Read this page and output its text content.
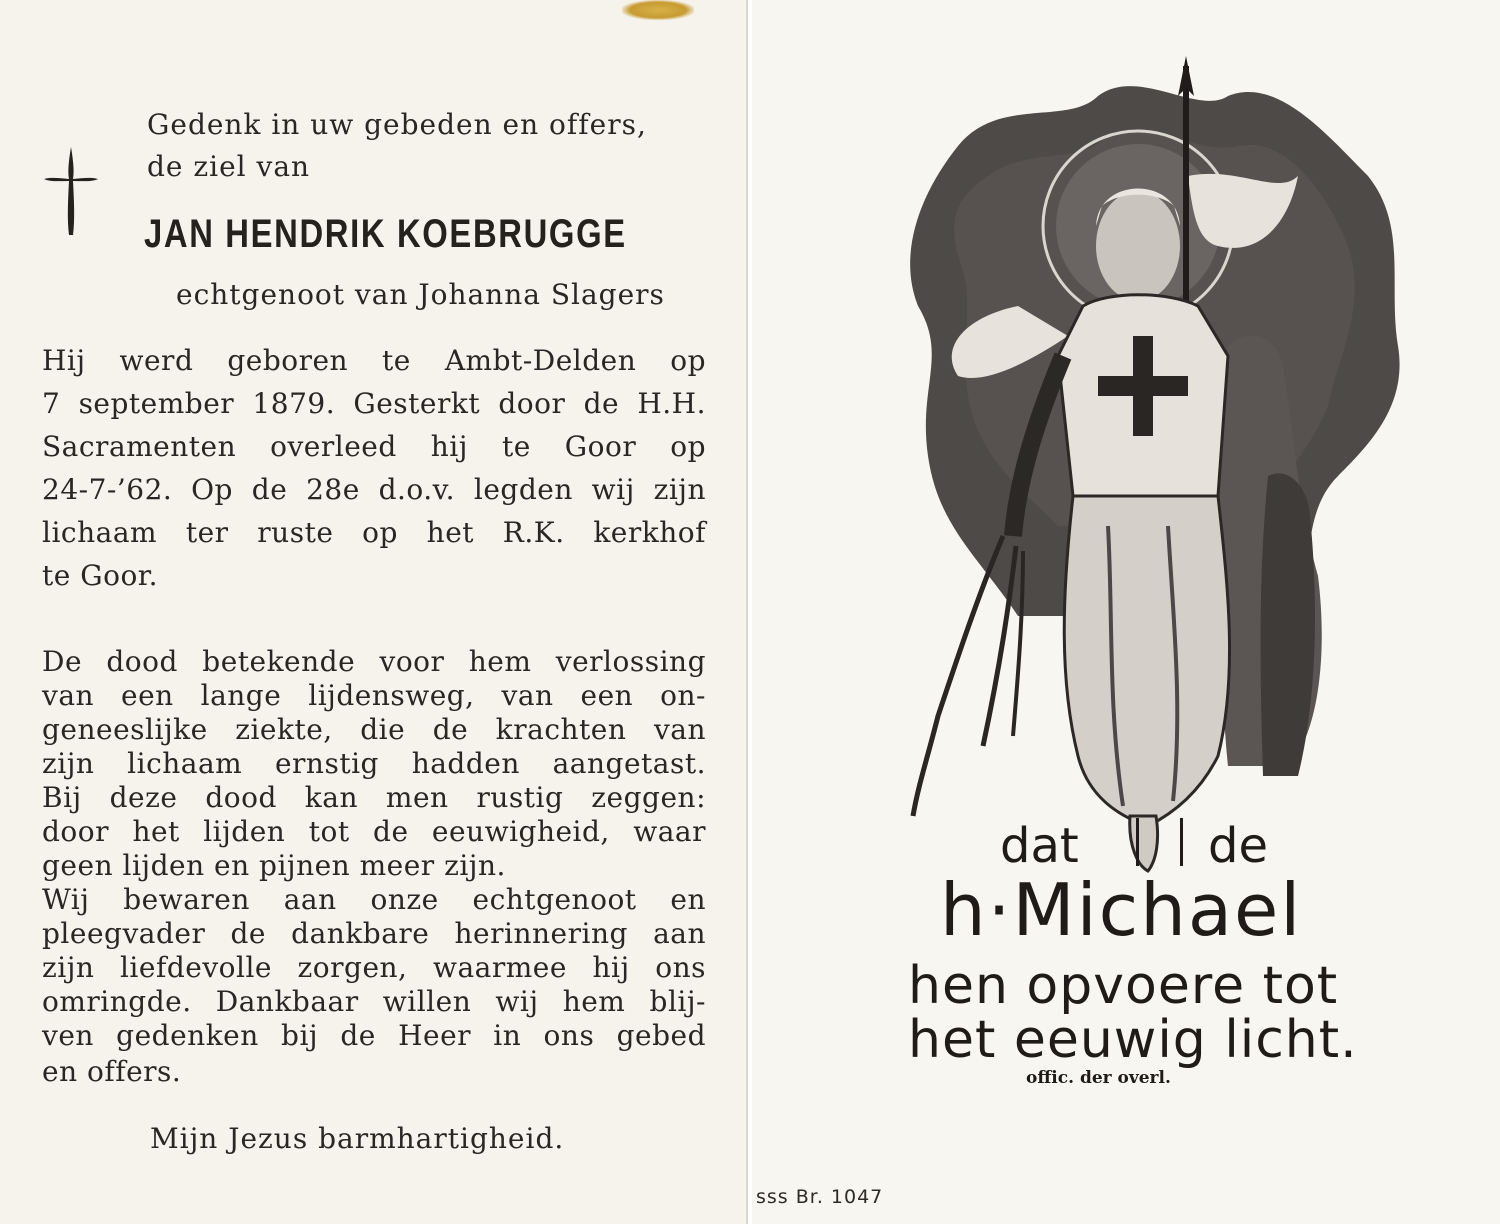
Gedenk in uw gebeden en offers,
de ziel van
JAN HENDRIK KOEBRUGGE
echtgenoot van Johanna Slagers
Hij werd geboren te Ambt-Delden op
7 september 1879. Gesterkt door de H.H.
Sacramenten overleed hij te Goor op
24-7-’62. Op de 28e d.o.v. legden wij zijn
lichaam ter ruste op het R.K. kerkhof
te Goor.
De dood betekende voor hem verlossing
van een lange lijdensweg, van een on-
geneeslijke ziekte, die de krachten van
zijn lichaam ernstig hadden aangetast.
Bij deze dood kan men rustig zeggen:
door het lijden tot de eeuwigheid, waar
geen lijden en pijnen meer zijn.
Wij bewaren aan onze echtgenoot en
pleegvader de dankbare herinnering aan
zijn liefdevolle zorgen, waarmee hij ons
omringde. Dankbaar willen wij hem blij-
ven gedenken bij de Heer in ons gebed
en offers.
Mijn Jezus barmhartigheid.
dat	de
h·Michael
hen opvoere tot
het eeuwig licht.
offic. der overl.
sss Br. 1047
